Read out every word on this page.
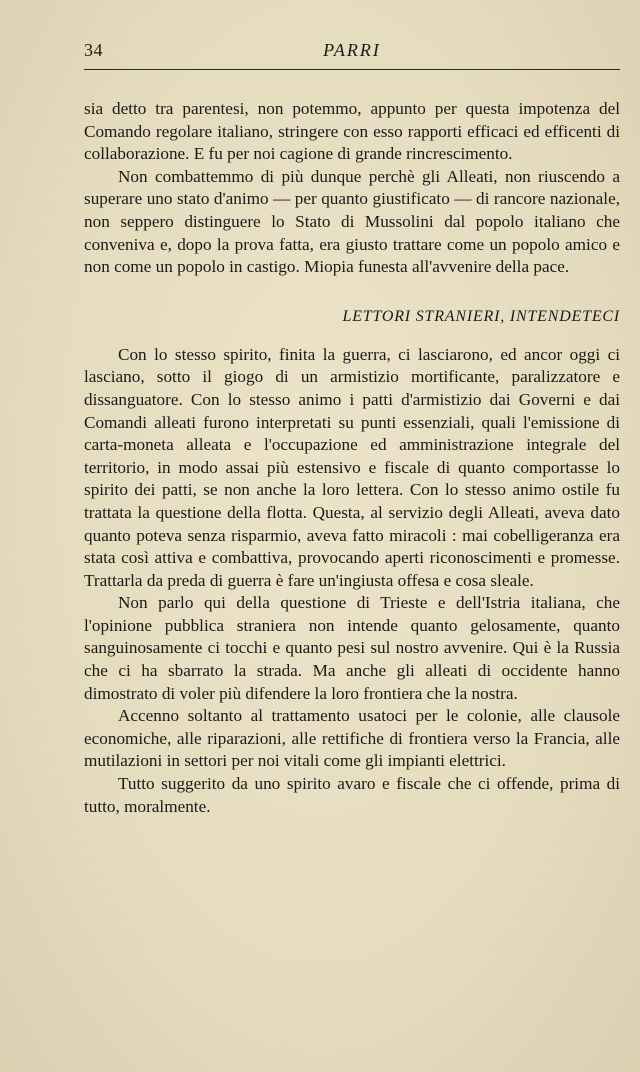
34	PARRI

sia detto tra parentesi, non potemmo, appunto per questa impotenza del Comando regolare italiano, stringere con esso rapporti efficaci ed efficenti di collaborazione. E fu per noi cagione di grande rincrescimento.

Non combattemmo di più dunque perchè gli Alleati, non riuscendo a superare uno stato d'animo — per quanto giustificato — di rancore nazionale, non seppero distinguere lo Stato di Mussolini dal popolo italiano che conveniva e, dopo la prova fatta, era giusto trattare come un popolo amico e non come un popolo in castigo. Miopia funesta all'avvenire della pace.

LETTORI STRANIERI, INTENDETECI

Con lo stesso spirito, finita la guerra, ci lasciarono, ed ancor oggi ci lasciano, sotto il giogo di un armistizio mortificante, paralizzatore e dissanguatore. Con lo stesso animo i patti d'armistizio dai Governi e dai Comandi alleati furono interpretati su punti essenziali, quali l'emissione di carta-moneta alleata e l'occupazione ed amministrazione integrale del territorio, in modo assai più estensivo e fiscale di quanto comportasse lo spirito dei patti, se non anche la loro lettera. Con lo stesso animo ostile fu trattata la questione della flotta. Questa, al servizio degli Alleati, aveva dato quanto poteva senza risparmio, aveva fatto miracoli : mai cobelligeranza era stata così attiva e combattiva, provocando aperti riconoscimenti e promesse. Trattarla da preda di guerra è fare un'ingiusta offesa e cosa sleale.

Non parlo qui della questione di Trieste e dell'Istria italiana, che l'opinione pubblica straniera non intende quanto gelosamente, quanto sanguinosamente ci tocchi e quanto pesi sul nostro avvenire. Qui è la Russia che ci ha sbarrato la strada. Ma anche gli alleati di occidente hanno dimostrato di voler più difendere la loro frontiera che la nostra.

Accenno soltanto al trattamento usatoci per le colonie, alle clausole economiche, alle riparazioni, alle rettifiche di frontiera verso la Francia, alle mutilazioni in settori per noi vitali come gli impianti elettrici.

Tutto suggerito da uno spirito avaro e fiscale che ci offende, prima di tutto, moralmente.
